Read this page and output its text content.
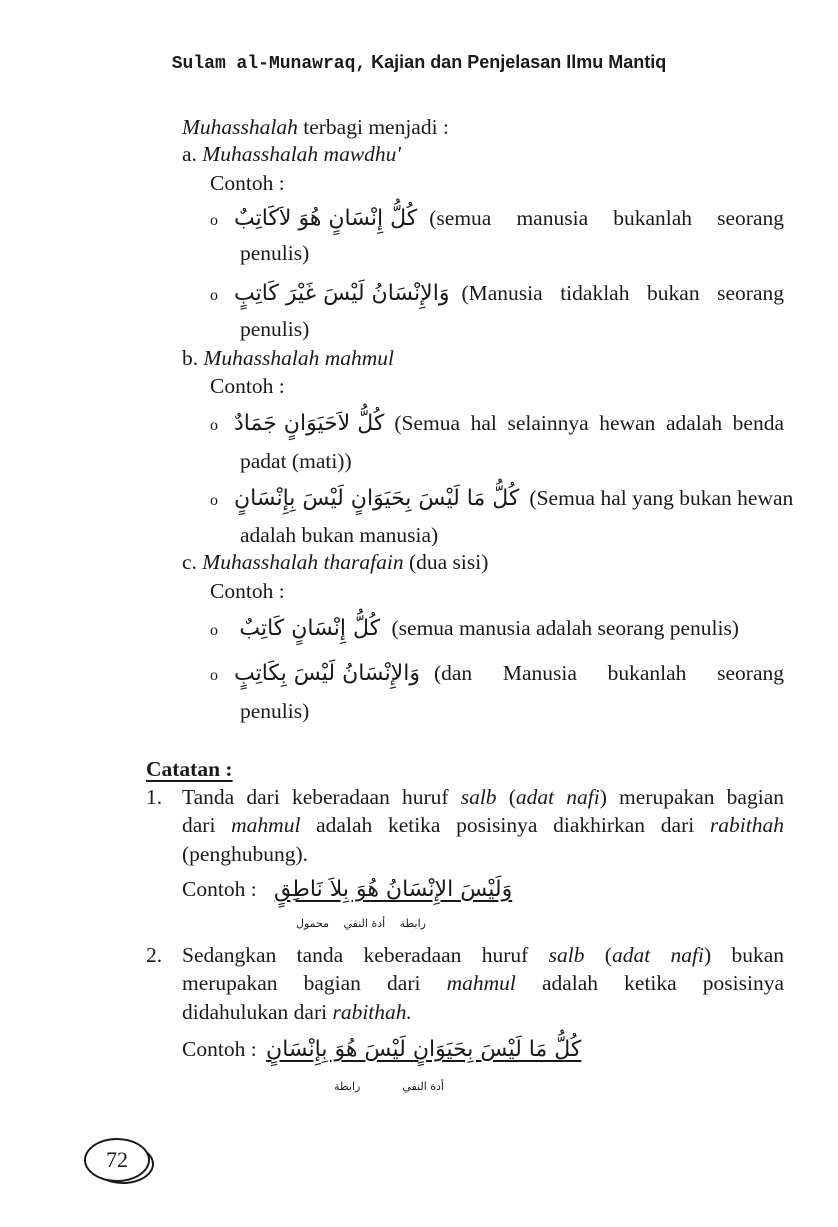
Sulam al-Munawraq, Kajian dan Penjelasan Ilmu Mantiq
Muhasshalah terbagi menjadi :
a. Muhasshalah mawdhu'
Contoh :
o كُلُّ إِنْسَانٍ هُوَ لاَكَاتِبٌ (semua manusia bukanlah seorang
penulis)
o وَالإِنْسَانُ لَيْسَ غَيْرَ كَاتِبٍ (Manusia tidaklah bukan seorang
penulis)
b. Muhasshalah mahmul
Contoh :
o كُلُّ لاَحَيَوَانٍ جَمَادٌ (Semua hal selainnya hewan adalah benda
padat (mati))
o كُلُّ مَا لَيْسَ بِحَيَوَانٍ لَيْسَ بِإِنْسَانٍ (Semua hal yang bukan hewan
adalah bukan manusia)
c. Muhasshalah tharafain (dua sisi)
Contoh :
o كُلُّ إِنْسَانٍ كَاتِبٌ (semua manusia adalah seorang penulis)
o وَالإِنْسَانُ لَيْسَ بِكَاتِبٍ (dan Manusia bukanlah seorang
penulis)
Catatan :
1. Tanda dari keberadaan huruf salb (adat nafi) merupakan bagian
dari mahmul adalah ketika posisinya diakhirkan dari rabithah
(penghubung).
Contoh : وَلَيْسَ الإِنْسَانُ هُوَ بِلاَ نَاطِقٍ
محمول أدة النفي رابطة
2. Sedangkan tanda keberadaan huruf salb (adat nafi) bukan
merupakan bagian dari mahmul adalah ketika posisinya
didahulukan dari rabithah.
Contoh : كُلُّ مَا لَيْسَ بِحَيَوَانٍ لَيْسَ هُوَ بِإِنْسَانٍ
رابطة	أدة النفي
72
